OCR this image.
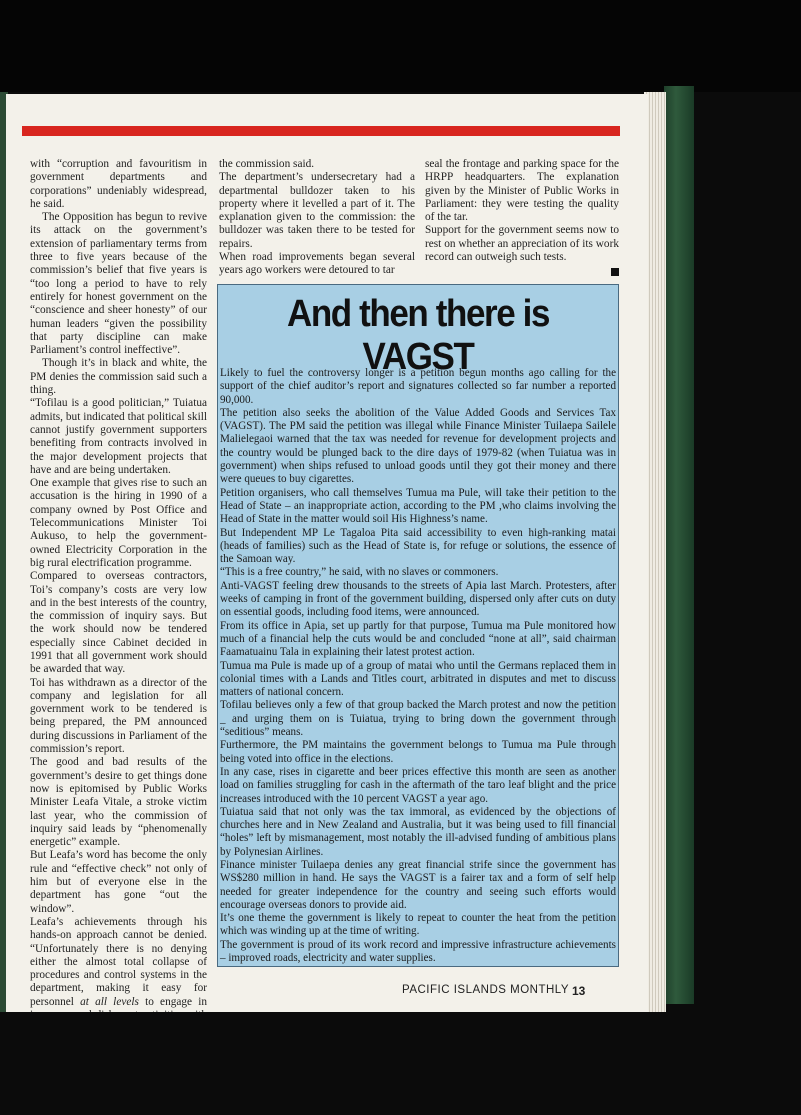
with “corruption and favouritism in government departments and corporations” undeniably widespread, he said.

The Opposition has begun to revive its attack on the government’s extension of parliamentary terms from three to five years because of the commission’s belief that five years is “too long a period to have to rely entirely for honest government on the “conscience and sheer honesty” of our human leaders “given the possibility that party discipline can make Parliament’s control ineffective”.

Though it’s in black and white, the PM denies the commission said such a thing.

“Tofilau is a good politician,” Tuiatua admits, but indicated that political skill cannot justify government supporters benefiting from contracts involved in the major development projects that have and are being undertaken.

One example that gives rise to such an accusation is the hiring in 1990 of a company owned by Post Office and Telecommunications Minister Toi Aukuso, to help the government-owned Electricity Corporation in the big rural electrification programme.

Compared to overseas contractors, Toi’s company’s costs are very low and in the best interests of the country, the commission of inquiry says. But the work should now be tendered especially since Cabinet decided in 1991 that all government work should be awarded that way.

Toi has withdrawn as a director of the company and legislation for all government work to be tendered is being prepared, the PM announced during discussions in Parliament of the commission’s report.

The good and bad results of the government’s desire to get things done now is epitomised by Public Works Minister Leafa Vitale, a stroke victim last year, who the commission of inquiry said leads by “phenomenally energetic” example.

But Leafa’s word has become the only rule and “effective check” not only of him but of everyone else in the department has gone “out the window”.

Leafa’s achievements through his hands-on approach cannot be denied. “Unfortunately there is no denying either the almost total collapse of procedures and control systems in the department, making it easy for personnel at all levels to engage in

the commission said.

The department’s undersecretary had a departmental bulldozer taken to his property where it levelled a part of it. The explanation given to the commission: the bulldozer was taken there to be tested for repairs.

When road improvements began several years ago workers were detoured to tar

seal the frontage and parking space for the HRPP headquarters. The explanation given by the Minister of Public Works in Parliament: they were testing the quality of the tar.

Support for the government seems now to rest on whether an appreciation of its work record can outweigh such tests.

And then there is VAGST

Likely to fuel the controversy longer is a petition begun months ago calling for the support of the chief auditor’s report and signatures collected so far number a reported 90,000.

The petition also seeks the abolition of the Value Added Goods and Services Tax (VAGST). The PM said the petition was illegal while Finance Minister Tuilaepa Sailele Malielegaoi warned that the tax was needed for revenue for development projects and the country would be plunged back to the dire days of 1979-82 (when Tuiatua was in government) when ships refused to unload goods until they got their money and there were queues to buy cigarettes.

Petition organisers, who call themselves Tumua ma Pule, will take their petition to the Head of State – an inappropriate action, according to the PM ,who claims involving the Head of State in the matter would soil His Highness’s name.

But Independent MP Le Tagaloa Pita said accessibility to even high-ranking matai (heads of families) such as the Head of State is, for refuge or solutions, the essence of the Samoan way.

“This is a free country,” he said, with no slaves or commoners.

Anti-VAGST feeling drew thousands to the streets of Apia last March. Protesters, after weeks of camping in front of the government building, dispersed only after cuts on duty on essential goods, including food items, were announced.

From its office in Apia, set up partly for that purpose, Tumua ma Pule monitored how much of a financial help the cuts would be and concluded “none at all”, said chairman Faamatuainu Tala in explaining their latest protest action.

Tumua ma Pule is made up of a group of matai who until the Germans replaced them in colonial times with a Lands and Titles court, arbitrated in disputes and met to discuss matters of national concern.

Tofilau believes only a few of that group backed the March protest and now the petition _ and urging them on is Tuiatua, trying to bring down the government through “seditious” means.

Furthermore, the PM maintains the government belongs to Tumua ma Pule through being voted into office in the elections.

In any case, rises in cigarette and beer prices effective this month are seen as another load on families struggling for cash in the aftermath of the taro leaf blight and the price increases introduced with the 10 percent VAGST a year ago.

Tuiatua said that not only was the tax immoral, as evidenced by the objections of churches here and in New Zealand and Australia, but it was being used to fill financial “holes” left by mismanagement, most notably the ill-advised funding of ambitious plans by Polynesian Airlines.

Finance minister Tuilaepa denies any great financial strife since the government has WS$280 million in hand. He says the VAGST is a fairer tax and a form of self help needed for greater independence for the country and seeing such efforts would encourage overseas donors to provide aid.

It’s one theme the government is likely to repeat to counter the heat from the petition which was winding up at the time of writing.

The government is proud of its work record and impressive infrastructure achievements – improved roads, electricity and water supplies.

PACIFIC ISLANDS MONTHLY 13
